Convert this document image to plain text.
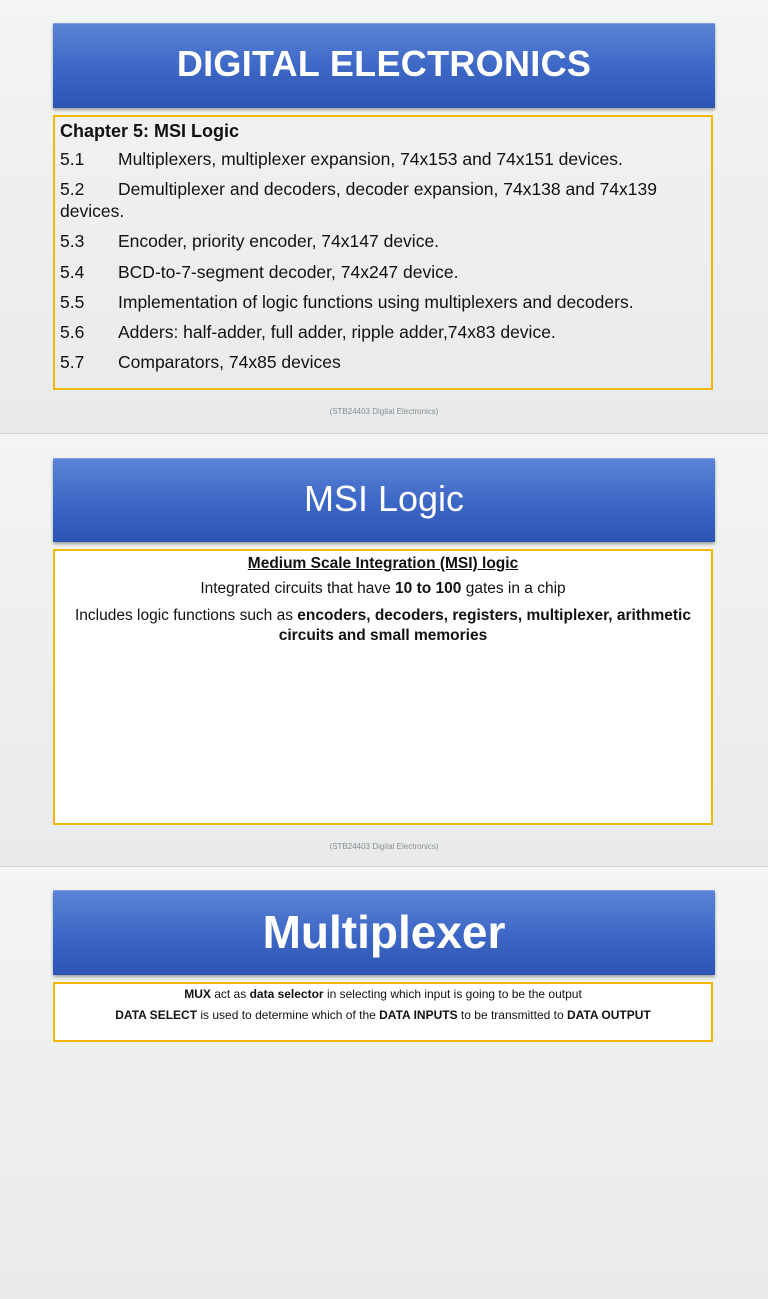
DIGITAL ELECTRONICS
Chapter 5: MSI Logic
5.1	Multiplexers, multiplexer expansion, 74x153 and 74x151 devices.
5.2	Demultiplexer and decoders, decoder expansion, 74x138 and 74x139
devices.
5.3	Encoder, priority encoder, 74x147 device.
5.4	BCD-to-7-segment decoder, 74x247 device.
5.5	Implementation of logic functions using multiplexers and decoders.
5.6	Adders: half-adder, full adder, ripple adder,74x83 device.
5.7	Comparators, 74x85 devices
(STB24403 Digital Electronics)
MSI Logic
Medium Scale Integration (MSI) logic
Integrated circuits that have 10 to 100 gates in a chip
Includes logic functions such as encoders, decoders, registers, multiplexer, arithmetic circuits and small memories
(STB24403 Digital Electronics)
Multiplexer
MUX act as data selector in selecting which input is going to be the output
DATA SELECT is used to determine which of the DATA INPUTS to be transmitted to DATA OUTPUT
